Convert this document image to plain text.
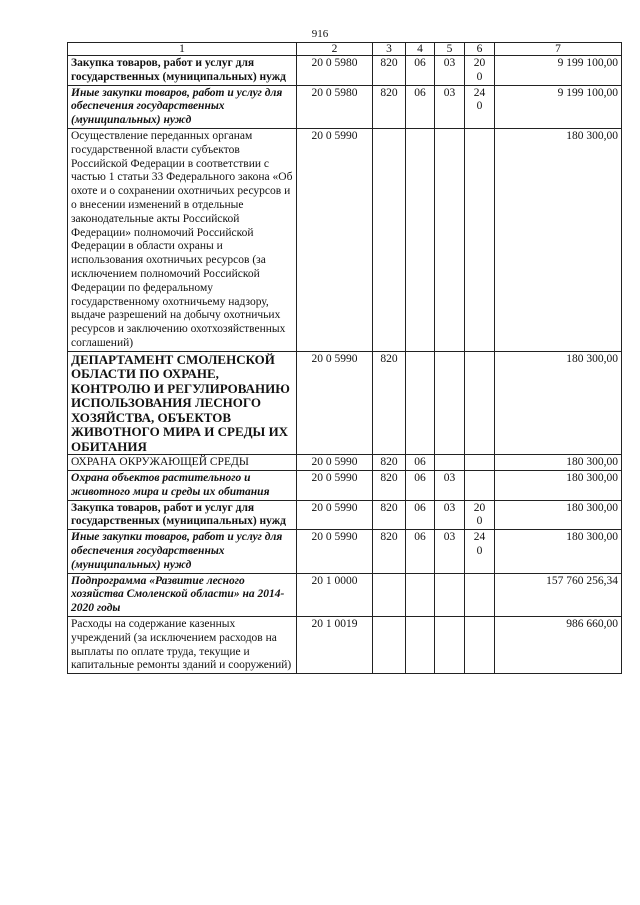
916
1	2	3	4	5	6	7
Закупка товаров, работ и услуг для государственных (муниципальных) нужд	20 0 5980	820	06	03	200	9 199 100,00
Иные закупки товаров, работ и услуг для обеспечения государственных (муниципальных) нужд	20 0 5980	820	06	03	240	9 199 100,00
Осуществление переданных органам государственной власти субъектов Российской Федерации в соответствии с частью 1 статьи 33 Федерального закона «Об охоте и о сохранении охотничьих ресурсов и о внесении изменений в отдельные законодательные акты Российской Федерации» полномочий Российской Федерации в области охраны и использования охотничьих ресурсов (за исключением полномочий Российской Федерации по федеральному государственному охотничьему надзору, выдаче разрешений на добычу охотничьих ресурсов и заключению охотхозяйственных соглашений)	20 0 5990					180 300,00
ДЕПАРТАМЕНТ СМОЛЕНСКОЙ ОБЛАСТИ ПО ОХРАНЕ, КОНТРОЛЮ И РЕГУЛИРОВАНИЮ ИСПОЛЬЗОВАНИЯ ЛЕСНОГО ХОЗЯЙСТВА, ОБЪЕКТОВ ЖИВОТНОГО МИРА И СРЕДЫ ИХ ОБИТАНИЯ	20 0 5990	820				180 300,00
ОХРАНА ОКРУЖАЮЩЕЙ СРЕДЫ	20 0 5990	820	06			180 300,00
Охрана объектов растительного и животного мира и среды их обитания	20 0 5990	820	06	03		180 300,00
Закупка товаров, работ и услуг для государственных (муниципальных) нужд	20 0 5990	820	06	03	200	180 300,00
Иные закупки товаров, работ и услуг для обеспечения государственных (муниципальных) нужд	20 0 5990	820	06	03	240	180 300,00
Подпрограмма «Развитие лесного хозяйства Смоленской области» на 2014-2020 годы	20 1 0000					157 760 256,34
Расходы на содержание казенных учреждений (за исключением расходов на выплаты по оплате труда, текущие и капитальные ремонты зданий и сооружений)	20 1 0019					986 660,00
